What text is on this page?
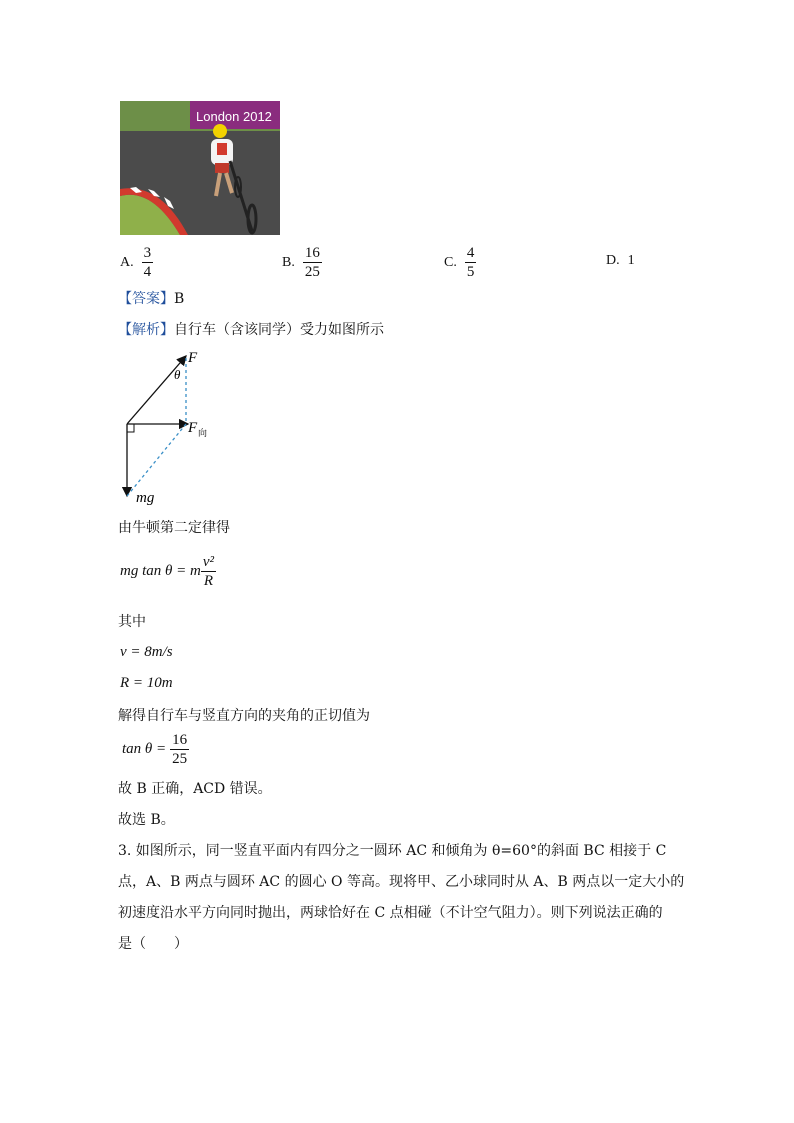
London 2012
A. $\frac{3}{4}$	B. $\frac{16}{25}$	C. $\frac{4}{5}$	D. 1
【答案】B
【解析】自行车（含该同学）受力如图所示
F
θ
F 向
mg
由牛顿第二定律得
mg tan θ = m $\frac{\text{v²}}{R}$
其中
v = 8m/s
R = 10m
解得自行车与竖直方向的夹角的正切值为
$\tan \theta = \frac{16}{25}$
故 B 正确，ACD 错误。
故选 B。
3. 如图所示，同一竖直平面内有四分之一圆环 AC 和倾角为 θ=60°的斜面 BC 相接于 C
点，A、B 两点与圆环 AC 的圆心 O 等高。现将甲、乙小球同时从 A、B 两点以一定大小的
初速度沿水平方向同时抛出，两球恰好在 C 点相碰（不计空气阻力）。则下列说法正确的
是（　　）
